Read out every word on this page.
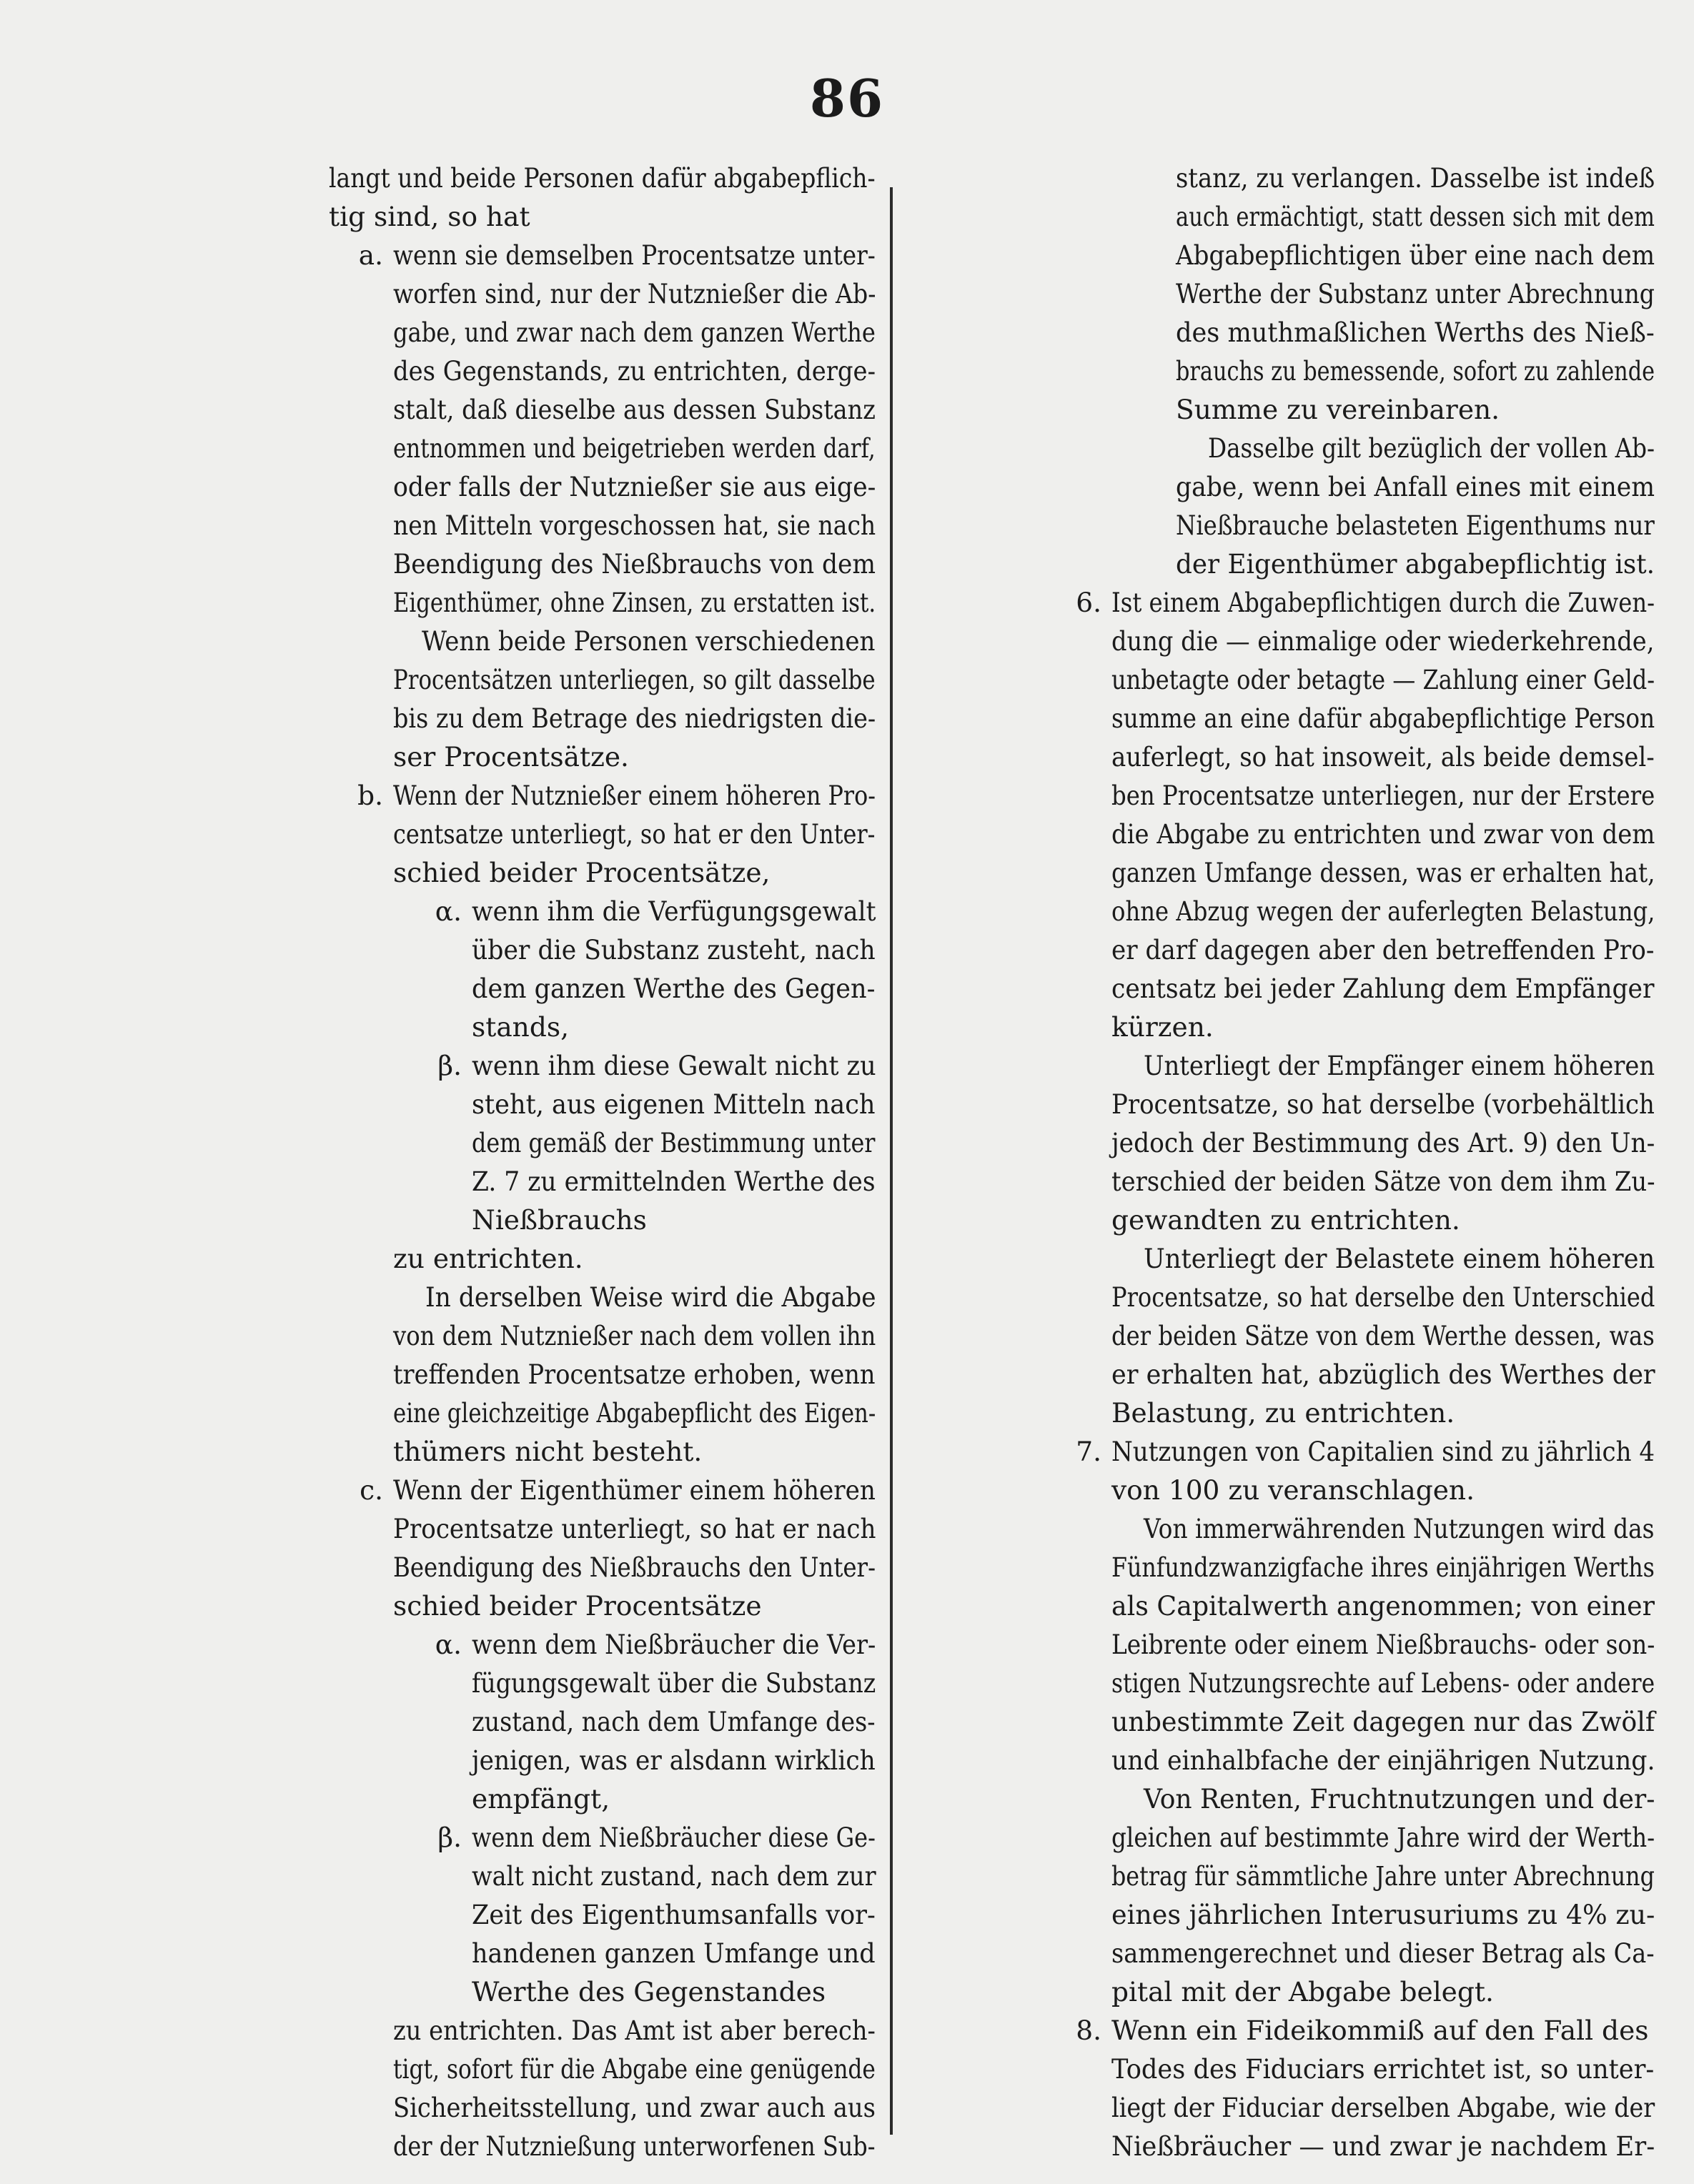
86
langt und beide Personen dafür abgabepflich-
tig sind, so hat
a. wenn sie demselben Procentsatze unter-
worfen sind, nur der Nutznießer die Ab-
gabe, und zwar nach dem ganzen Werthe
des Gegenstands, zu entrichten, derge-
stalt, daß dieselbe aus dessen Substanz
entnommen und beigetrieben werden darf,
oder falls der Nutznießer sie aus eige-
nen Mitteln vorgeschossen hat, sie nach
Beendigung des Nießbrauchs von dem
Eigenthümer, ohne Zinsen, zu erstatten ist.
Wenn beide Personen verschiedenen
Procentsätzen unterliegen, so gilt dasselbe
bis zu dem Betrage des niedrigsten die-
ser Procentsätze.
b. Wenn der Nutznießer einem höheren Pro-
centsatze unterliegt, so hat er den Unter-
schied beider Procentsätze,
α. wenn ihm die Verfügungsgewalt
über die Substanz zusteht, nach
dem ganzen Werthe des Gegen-
stands,
β. wenn ihm diese Gewalt nicht zu
steht, aus eigenen Mitteln nach
dem gemäß der Bestimmung unter
Z. 7 zu ermittelnden Werthe des
Nießbrauchs
zu entrichten.
In derselben Weise wird die Abgabe
von dem Nutznießer nach dem vollen ihn
treffenden Procentsatze erhoben, wenn
eine gleichzeitige Abgabepflicht des Eigen-
thümers nicht besteht.
c. Wenn der Eigenthümer einem höheren
Procentsatze unterliegt, so hat er nach
Beendigung des Nießbrauchs den Unter-
schied beider Procentsätze
α. wenn dem Nießbräucher die Ver-
fügungsgewalt über die Substanz
zustand, nach dem Umfange des-
jenigen, was er alsdann wirklich
empfängt,
β. wenn dem Nießbräucher diese Ge-
walt nicht zustand, nach dem zur
Zeit des Eigenthumsanfalls vor-
handenen ganzen Umfange und
Werthe des Gegenstandes
zu entrichten. Das Amt ist aber berech-
tigt, sofort für die Abgabe eine genügende
Sicherheitsstellung, und zwar auch aus
der der Nutznießung unterworfenen Sub-
stanz, zu verlangen. Dasselbe ist indeß
auch ermächtigt, statt dessen sich mit dem
Abgabepflichtigen über eine nach dem
Werthe der Substanz unter Abrechnung
des muthmaßlichen Werths des Nieß-
brauchs zu bemessende, sofort zu zahlende
Summe zu vereinbaren.
Dasselbe gilt bezüglich der vollen Ab-
gabe, wenn bei Anfall eines mit einem
Nießbrauche belasteten Eigenthums nur
der Eigenthümer abgabepflichtig ist.
6. Ist einem Abgabepflichtigen durch die Zuwen-
dung die — einmalige oder wiederkehrende,
unbetagte oder betagte — Zahlung einer Geld-
summe an eine dafür abgabepflichtige Person
auferlegt, so hat insoweit, als beide demsel-
ben Procentsatze unterliegen, nur der Erstere
die Abgabe zu entrichten und zwar von dem
ganzen Umfange dessen, was er erhalten hat,
ohne Abzug wegen der auferlegten Belastung,
er darf dagegen aber den betreffenden Pro-
centsatz bei jeder Zahlung dem Empfänger
kürzen.
Unterliegt der Empfänger einem höheren
Procentsatze, so hat derselbe (vorbehältlich
jedoch der Bestimmung des Art. 9) den Un-
terschied der beiden Sätze von dem ihm Zu-
gewandten zu entrichten.
Unterliegt der Belastete einem höheren
Procentsatze, so hat derselbe den Unterschied
der beiden Sätze von dem Werthe dessen, was
er erhalten hat, abzüglich des Werthes der
Belastung, zu entrichten.
7. Nutzungen von Capitalien sind zu jährlich 4
von 100 zu veranschlagen.
Von immerwährenden Nutzungen wird das
Fünfundzwanzigfache ihres einjährigen Werths
als Capitalwerth angenommen; von einer
Leibrente oder einem Nießbrauchs- oder son-
stigen Nutzungsrechte auf Lebens- oder andere
unbestimmte Zeit dagegen nur das Zwölf
und einhalbfache der einjährigen Nutzung.
Von Renten, Fruchtnutzungen und der-
gleichen auf bestimmte Jahre wird der Werth-
betrag für sämmtliche Jahre unter Abrechnung
eines jährlichen Interusuriums zu 4% zu-
sammengerechnet und dieser Betrag als Ca-
pital mit der Abgabe belegt.
8. Wenn ein Fideikommiß auf den Fall des
Todes des Fiduciars errichtet ist, so unter-
liegt der Fiduciar derselben Abgabe, wie der
Nießbräucher — und zwar je nachdem Er-
